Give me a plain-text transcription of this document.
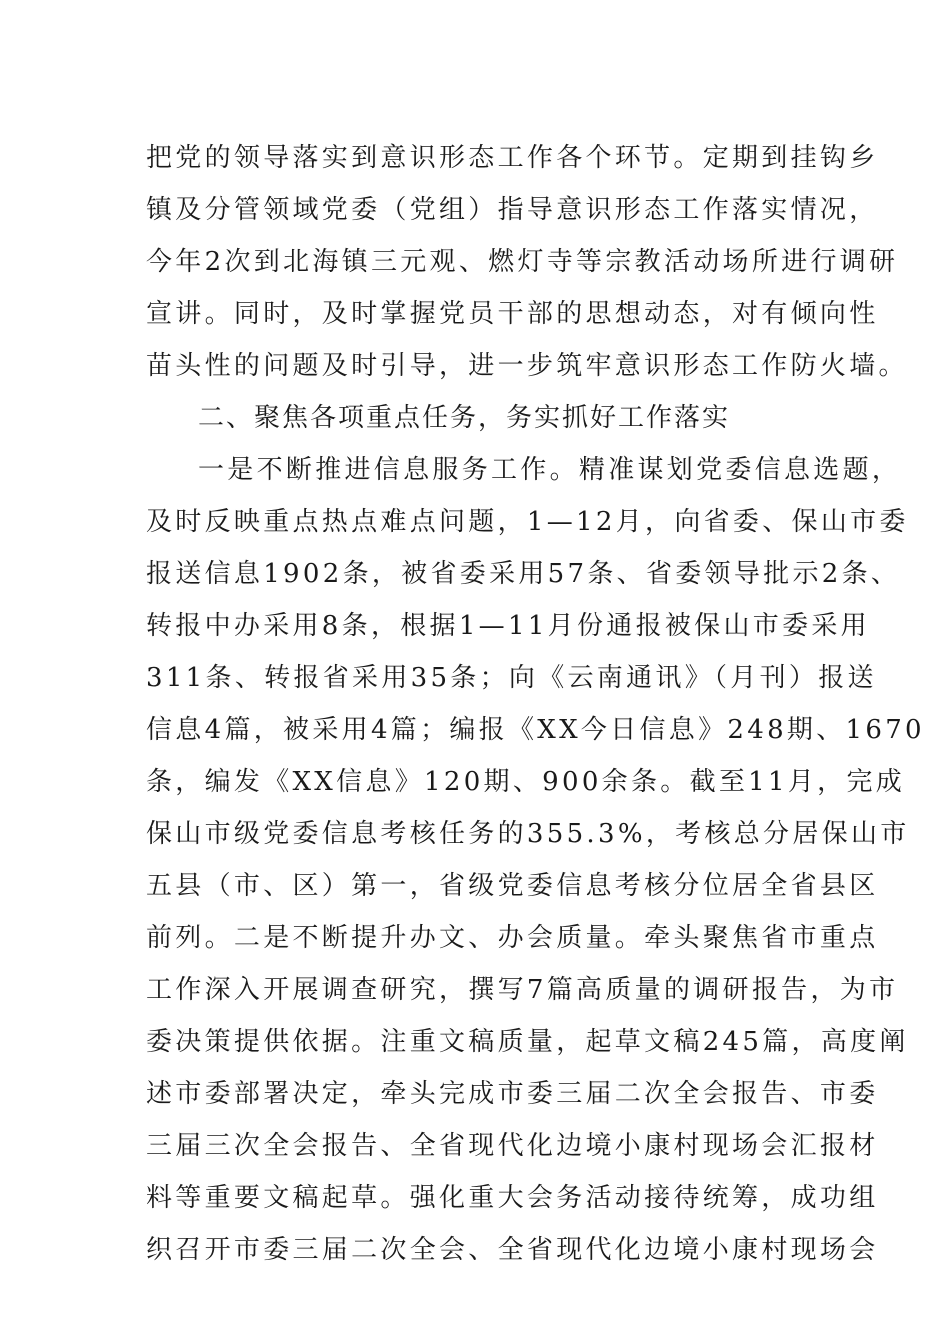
把党的领导落实到意识形态工作各个环节。定期到挂钩乡
镇及分管领域党委（党组）指导意识形态工作落实情况，
今年2次到北海镇三元观、燃灯寺等宗教活动场所进行调研
宣讲。同时，及时掌握党员干部的思想动态，对有倾向性
苗头性的问题及时引导，进一步筑牢意识形态工作防火墙。
二、聚焦各项重点任务，务实抓好工作落实
一是不断推进信息服务工作。精准谋划党委信息选题，
及时反映重点热点难点问题，1—12月，向省委、保山市委
报送信息1902条，被省委采用57条、省委领导批示2条、
转报中办采用8条，根据1—11月份通报被保山市委采用
311条、转报省采用35条；向《云南通讯》（月刊）报送
信息4篇，被采用4篇；编报《XX今日信息》248期、1670
条，编发《XX信息》120期、900余条。截至11月，完成
保山市级党委信息考核任务的355.3%，考核总分居保山市
五县（市、区）第一，省级党委信息考核分位居全省县区
前列。二是不断提升办文、办会质量。牵头聚焦省市重点
工作深入开展调查研究，撰写7篇高质量的调研报告，为市
委决策提供依据。注重文稿质量，起草文稿245篇，高度阐
述市委部署决定，牵头完成市委三届二次全会报告、市委
三届三次全会报告、全省现代化边境小康村现场会汇报材
料等重要文稿起草。强化重大会务活动接待统筹，成功组
织召开市委三届二次全会、全省现代化边境小康村现场会
